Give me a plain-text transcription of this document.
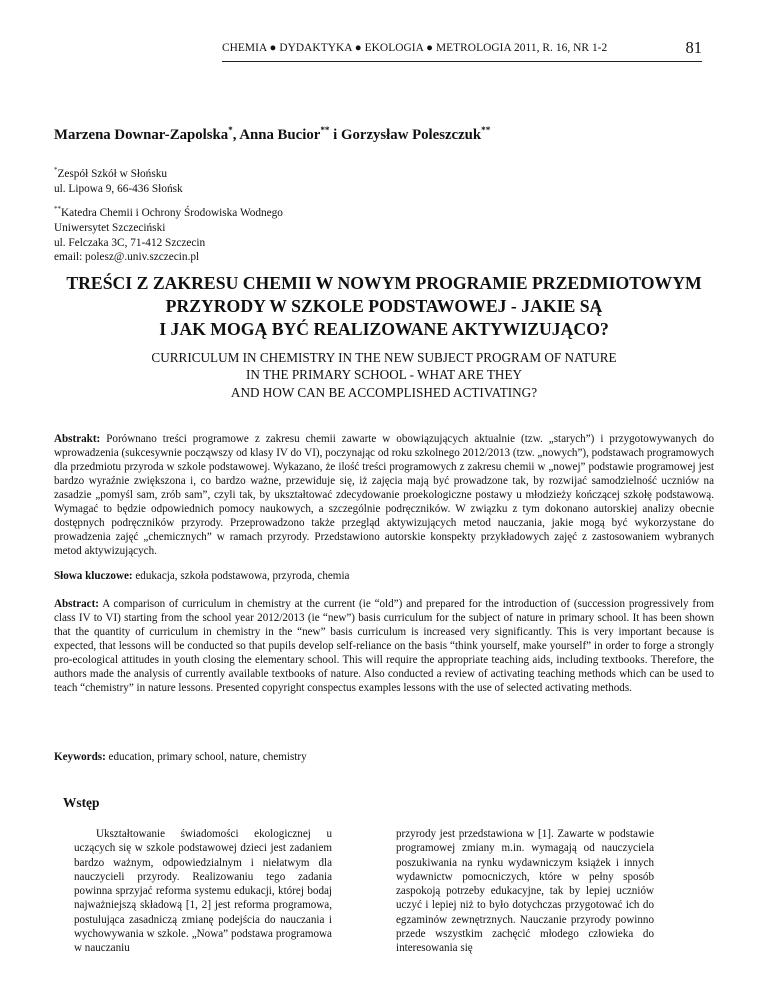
CHEMIA ● DYDAKTYKA ● EKOLOGIA ● METROLOGIA 2011, R. 16, NR 1-2	81
Marzena Downar-Zapolska*, Anna Bucior** i Gorzysław Poleszczuk**
*Zespół Szkół w Słońsku
ul. Lipowa 9, 66-436 Słońsk
**Katedra Chemii i Ochrony Środowiska Wodnego
Uniwersytet Szczeciński
ul. Felczaka 3C, 71-412 Szczecin
email: polesz@.univ.szczecin.pl
TREŚCI Z ZAKRESU CHEMII W NOWYM PROGRAMIE PRZEDMIOTOWYM
PRZYRODY W SZKOLE PODSTAWOWEJ - JAKIE SĄ
I JAK MOGĄ BYĆ REALIZOWANE AKTYWIZUJĄCO?
CURRICULUM IN CHEMISTRY IN THE NEW SUBJECT PROGRAM OF NATURE
IN THE PRIMARY SCHOOL - WHAT ARE THEY
AND HOW CAN BE ACCOMPLISHED ACTIVATING?
Abstrakt: Porównano treści programowe z zakresu chemii zawarte w obowiązujących aktualnie (tzw. „starych”) i przygotowywanych do wprowadzenia (sukcesywnie począwszy od klasy IV do VI), poczynając od roku szkolnego 2012/2013 (tzw. „nowych”), podstawach programowych dla przedmiotu przyroda w szkole podstawowej. Wykazano, że ilość treści programowych z zakresu chemii w „nowej” podstawie programowej jest bardzo wyraźnie zwiększona i, co bardzo ważne, przewiduje się, iż zajęcia mają być prowadzone tak, by rozwijać samodzielność uczniów na zasadzie „pomyśl sam, zrób sam”, czyli tak, by ukształtować zdecydowanie proekologiczne postawy u młodzieży kończącej szkołę podstawową. Wymagać to będzie odpowiednich pomocy naukowych, a szczególnie podręczników. W związku z tym dokonano autorskiej analizy obecnie dostępnych podręczników przyrody. Przeprowadzono także przegląd aktywizujących metod nauczania, jakie mogą być wykorzystane do prowadzenia zajęć „chemicznych” w ramach przyrody. Przedstawiono autorskie konspekty przykładowych zajęć z zastosowaniem wybranych metod aktywizujących.
Słowa kluczowe: edukacja, szkoła podstawowa, przyroda, chemia
Abstract: A comparison of curriculum in chemistry at the current (ie “old”) and prepared for the introduction of (succession progressively from class IV to VI) starting from the school year 2012/2013 (ie “new”) basis curriculum for the subject of nature in primary school. It has been shown that the quantity of curriculum in chemistry in the “new” basis curriculum is increased very significantly. This is very important because is expected, that lessons will be conducted so that pupils develop self-reliance on the basis “think yourself, make yourself” in order to forge a strongly pro-ecological attitudes in youth closing the elementary school. This will require the appropriate teaching aids, including textbooks. Therefore, the authors made the analysis of currently available textbooks of nature. Also conducted a review of activating teaching methods which can be used to teach “chemistry” in nature lessons. Presented copyright conspectus examples lessons with the use of selected activating methods.
Keywords: education, primary school, nature, chemistry
Wstęp

Ukształtowanie świadomości ekologicznej u uczących się w szkole podstawowej dzieci jest zadaniem bardzo ważnym, odpowiedzialnym i niełatwym dla nauczycieli przyrody. Realizowaniu tego zadania powinna sprzyjać reforma systemu edukacji, której bodaj najważniejszą składową [1, 2] jest reforma programowa, postulująca zasadniczą zmianę podejścia do nauczania i wychowywania w szkole. „Nowa” podstawa programowa w nauczaniu

przyrody jest przedstawiona w [1]. Zawarte w podstawie programowej zmiany m.in. wymagają od nauczyciela poszukiwania na rynku wydawniczym książek i innych wydawnictw pomocniczych, które w pełny sposób zaspokoją potrzeby edukacyjne, tak by lepiej uczniów uczyć i lepiej niż to było dotychczas przygotować ich do egzaminów zewnętrznych. Nauczanie przyrody powinno przede wszystkim zachęcić młodego człowieka do interesowania się
